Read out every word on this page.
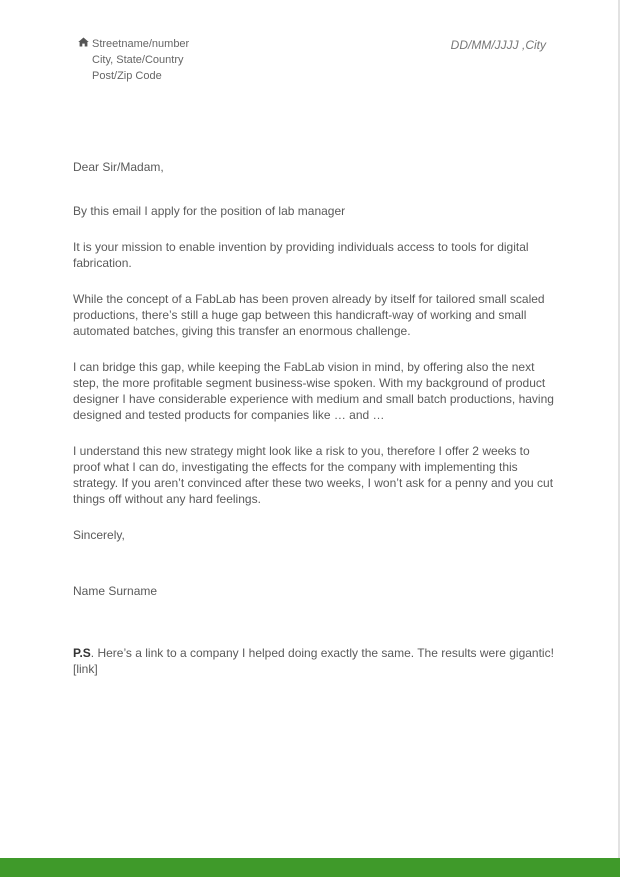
Streetname/number
City, State/Country
Post/Zip Code
DD/MM/JJJJ ,City

Dear Sir/Madam,

By this email I apply for the position of lab manager

It is your mission to enable invention by providing individuals access to tools for digital fabrication.

While the concept of a FabLab has been proven already by itself for tailored small scaled productions, there’s still a huge gap between this handicraft-way of working and small automated batches, giving this transfer an enormous challenge.

I can bridge this gap, while keeping the FabLab vision in mind, by offering also the next step, the more profitable segment business-wise spoken. With my background of product designer I have considerable experience with medium and small batch productions, having designed and tested products for companies like … and …

I understand this new strategy might look like a risk to you, therefore I offer 2 weeks to proof what I can do, investigating the effects for the company with implementing this strategy. If you aren’t convinced after these two weeks, I won’t ask for a penny and you cut things off without any hard feelings.

Sincerely,

Name Surname

P.S. Here’s a link to a company I helped doing exactly the same. The results were gigantic! [link]
